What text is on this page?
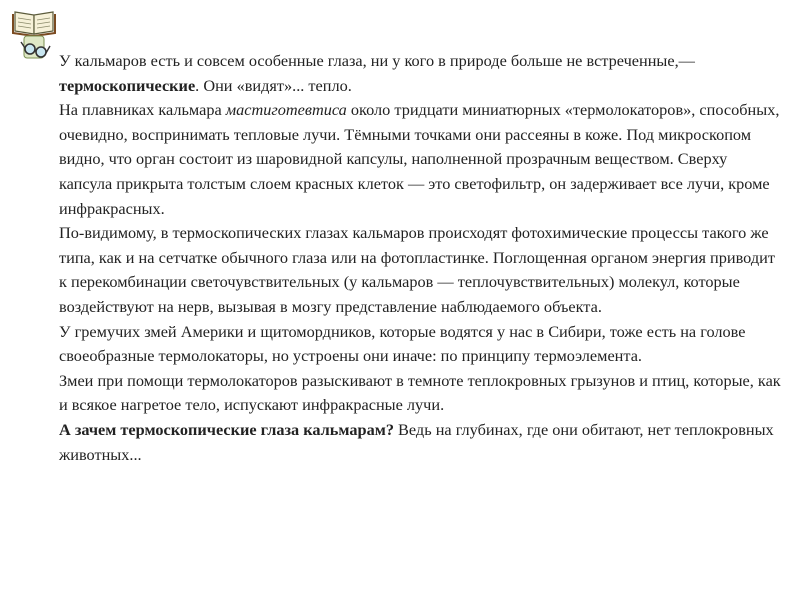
У кальмаров есть и совсем особенные глаза, ни у кого в природе больше не встреченные,— термоскопические. Они «видят»... тепло.

На плавниках кальмара мастиготевтиса около тридцати миниатюрных «термолокаторов», способных, очевидно, воспринимать тепловые лучи. Тёмными точками они рассеяны в коже. Под микроскопом видно, что орган состоит из шаровидной капсулы, наполненной прозрачным веществом. Сверху капсула прикрыта толстым слоем красных клеток — это светофильтр, он задерживает все лучи, кроме инфракрасных.

По-видимому, в термоскопических глазах кальмаров происходят фотохимические процессы такого же типа, как и на сетчатке обычного глаза или на фотопластинке. Поглощенная органом энергия приводит к перекомбинации светочувствительных (у кальмаров — теплочувствительных) молекул, которые воздействуют на нерв, вызывая в мозгу представление наблюдаемого объекта.

У гремучих змей Америки и щитомордников, которые водятся у нас в Сибири, тоже есть на голове своеобразные термолокаторы, но устроены они иначе: по принципу термоэлемента.

Змеи при помощи термолокаторов разыскивают в темноте теплокровных грызунов и птиц, которые, как и всякое нагретое тело, испускают инфракрасные лучи.

А зачем термоскопические глаза кальмарам? Ведь на глубинах, где они обитают, нет теплокровных животных...
